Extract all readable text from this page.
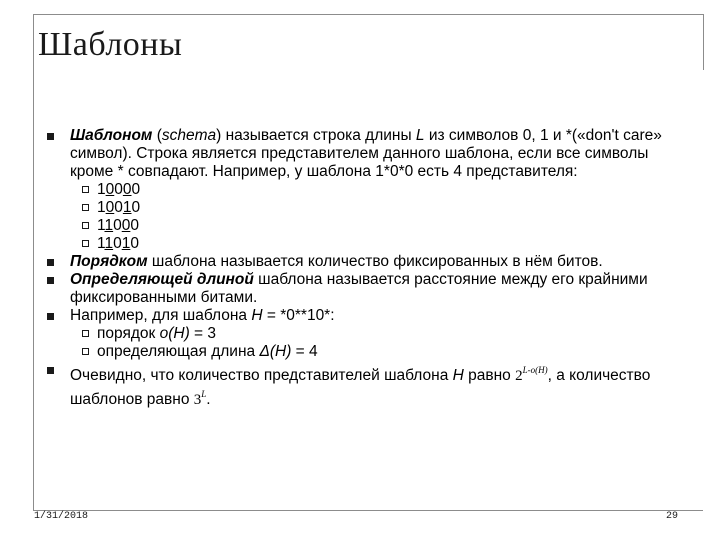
Шаблоны
Шаблоном (schema) называется строка длины L из символов 0, 1 и *(«don't care» символ). Строка является представителем данного шаблона, если все символы кроме * совпадают. Например, у шаблона 1*0*0 есть 4 представителя:
10000
10010
11000
11010
Порядком шаблона называется количество фиксированных в нём битов.
Определяющей длиной шаблона называется расстояние между его крайними фиксированными битами.
Например, для шаблона H = *0**10*:
порядок o(H) = 3
определяющая длина Δ(H) = 4
Очевидно, что количество представителей шаблона H равно $2^{L-o(H)}$, а количество шаблонов равно $3^L$.
1/31/2018	29
